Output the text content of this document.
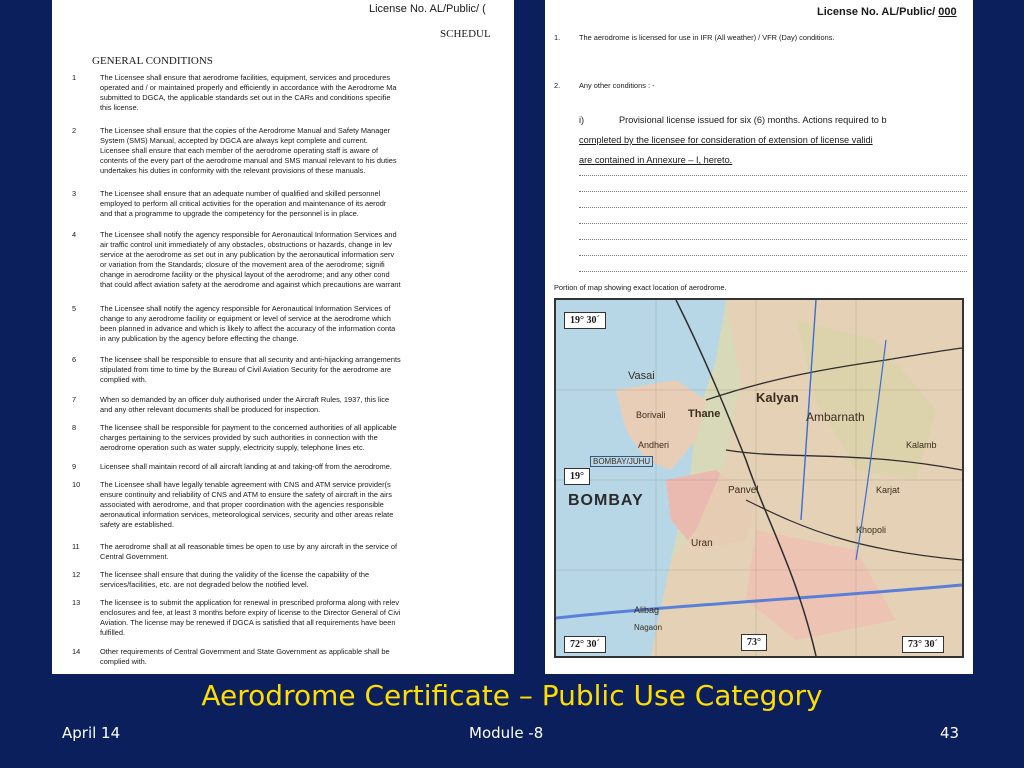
License No. AL/Public/ (
SCHEDUL
GENERAL CONDITIONS
1	The Licensee shall ensure that aerodrome facilities, equipment, services and procedures
operated and / or maintained properly and efficiently in accordance with the Aerodrome Ma
submitted to DGCA, the applicable standards set out in the CARs and conditions specifie
this license.
2	The Licensee shall ensure that the copies of the Aerodrome Manual and Safety Manager
System (SMS) Manual, accepted by DGCA are always kept complete and current.
Licensee shall ensure that each member of the aerodrome operating staff is aware of
contents of the every part of the aerodrome manual and SMS manual relevant to his duties
undertakes his duties in conformity with the relevant provisions of these manuals.
3	The Licensee shall ensure that an adequate number of qualified and skilled personnel
employed to perform all critical activities for the operation and maintenance of its aerodr
and that a programme to upgrade the competency for the personnel is in place.
4	The Licensee shall notify the agency responsible for Aeronautical Information Services and
air traffic control unit immediately of any obstacles, obstructions or hazards, change in lev
service at the aerodrome as set out in any publication by the aeronautical information serv
or variation from the Standards; closure of the movement area of the aerodrome; signifi
change in aerodrome facility or the physical layout of the aerodrome; and any other cond
that could affect aviation safety at the aerodrome and against which precautions are warrant
5	The Licensee shall notify the agency responsible for Aeronautical Information Services of
change to any aerodrome facility or equipment or level of service at the aerodrome which
been planned in advance and which is likely to affect the accuracy of the information conta
in any publication by the agency before effecting the change.
6	The licensee shall be responsible to ensure that all security and anti-hijacking arrangements
stipulated from time to time by the Bureau of Civil Aviation Security for the aerodrome are
complied with.
7	When so demanded by an officer duly authorised under the Aircraft Rules, 1937, this lice
and any other relevant documents shall be produced for inspection.
8	The licensee shall be responsible for payment to the concerned authorities of all applicable
charges pertaining to the services provided by such authorities in connection with the
aerodrome operation such as water supply, electricity supply, telephone lines etc.
9	Licensee shall maintain record of all aircraft landing at and taking-off from the aerodrome.
10	The Licensee shall have legally tenable agreement with CNS and ATM service provider(s
ensure continuity and reliability of CNS and ATM to ensure the safety of aircraft in the airs
associated with aerodrome, and that proper coordination with the agencies responsible
aeronautical information services, meteorological services, security and other areas relate
safety are established.
11	The aerodrome shall at all reasonable times be open to use by any aircraft in the service of
Central Government.
12	The licensee shall ensure that during the validity of the license the capability of the
services/facilities, etc. are not degraded below the notified level.
13	The licensee is to submit the application for renewal in prescribed proforma along with relev
enclosures and fee, at least 3 months before expiry of license to the Director General of Civi
Aviation. The license may be renewed if DGCA is satisfied that all requirements have been
fulfilled.
14	Other requirements of Central Government and State Government as applicable shall be
complied with.
License No. AL/Public/ 000
1.	The aerodrome is licensed for use in IFR (All weather) / VFR (Day) conditions.
2.	Any other conditions : -
i)	Provisional license issued for six (6) months. Actions required to b
completed by the licensee for consideration of extension of license validi
are contained in Annexure – I, hereto.
Portion of map showing exact location of aerodrome.
19° 30´
19°
72° 30´	73°	73° 30´
BOMBAY
Kalyan
Ambarnath
Vasai
Thane
Borivali
Andheri
BOMBAY/JUHU
Uran
Panvel	Karjat
Khopoli
Alibag
Nagaon
Kalamb
Aerodrome Certificate – Public Use Category
April 14	Module -8	43
